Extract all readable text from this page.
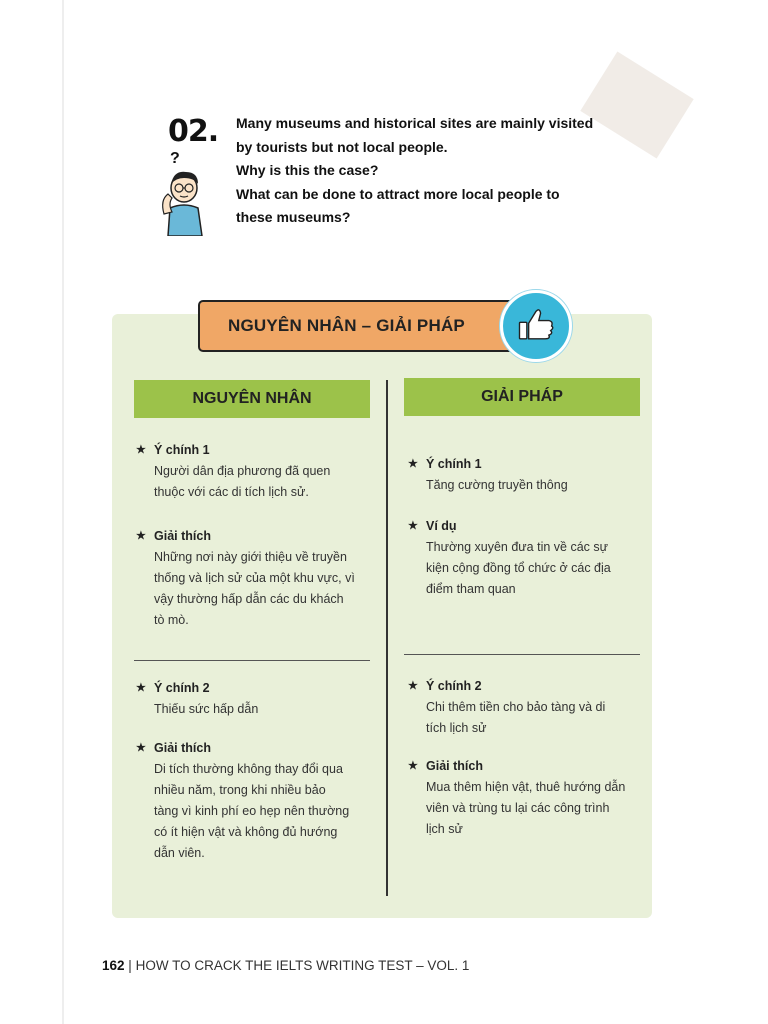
02.
?
Many museums and historical sites are mainly visited
by tourists but not local people.
Why is this the case?
What can be done to attract more local people to
these museums?
NGUYÊN NHÂN – GIẢI PHÁP
NGUYÊN NHÂN	GIẢI PHÁP
★ Ý chính 1
Người dân địa phương đã quen
thuộc với các di tích lịch sử.
★ Giải thích
Những nơi này giới thiệu về truyền
thống và lịch sử của một khu vực, vì
vậy thường hấp dẫn các du khách
tò mò.
★ Ý chính 2
Thiếu sức hấp dẫn
★ Giải thích
Di tích thường không thay đổi qua
nhiều năm, trong khi nhiều bảo
tàng vì kinh phí eo hẹp nên thường
có ít hiện vật và không đủ hướng
dẫn viên.
★ Ý chính 1
Tăng cường truyền thông
★ Ví dụ
Thường xuyên đưa tin về các sự
kiện cộng đồng tổ chức ở các địa
điểm tham quan
★ Ý chính 2
Chi thêm tiền cho bảo tàng và di
tích lịch sử
★ Giải thích
Mua thêm hiện vật, thuê hướng dẫn
viên và trùng tu lại các công trình
lịch sử
162 | HOW TO CRACK THE IELTS WRITING TEST – VOL. 1
